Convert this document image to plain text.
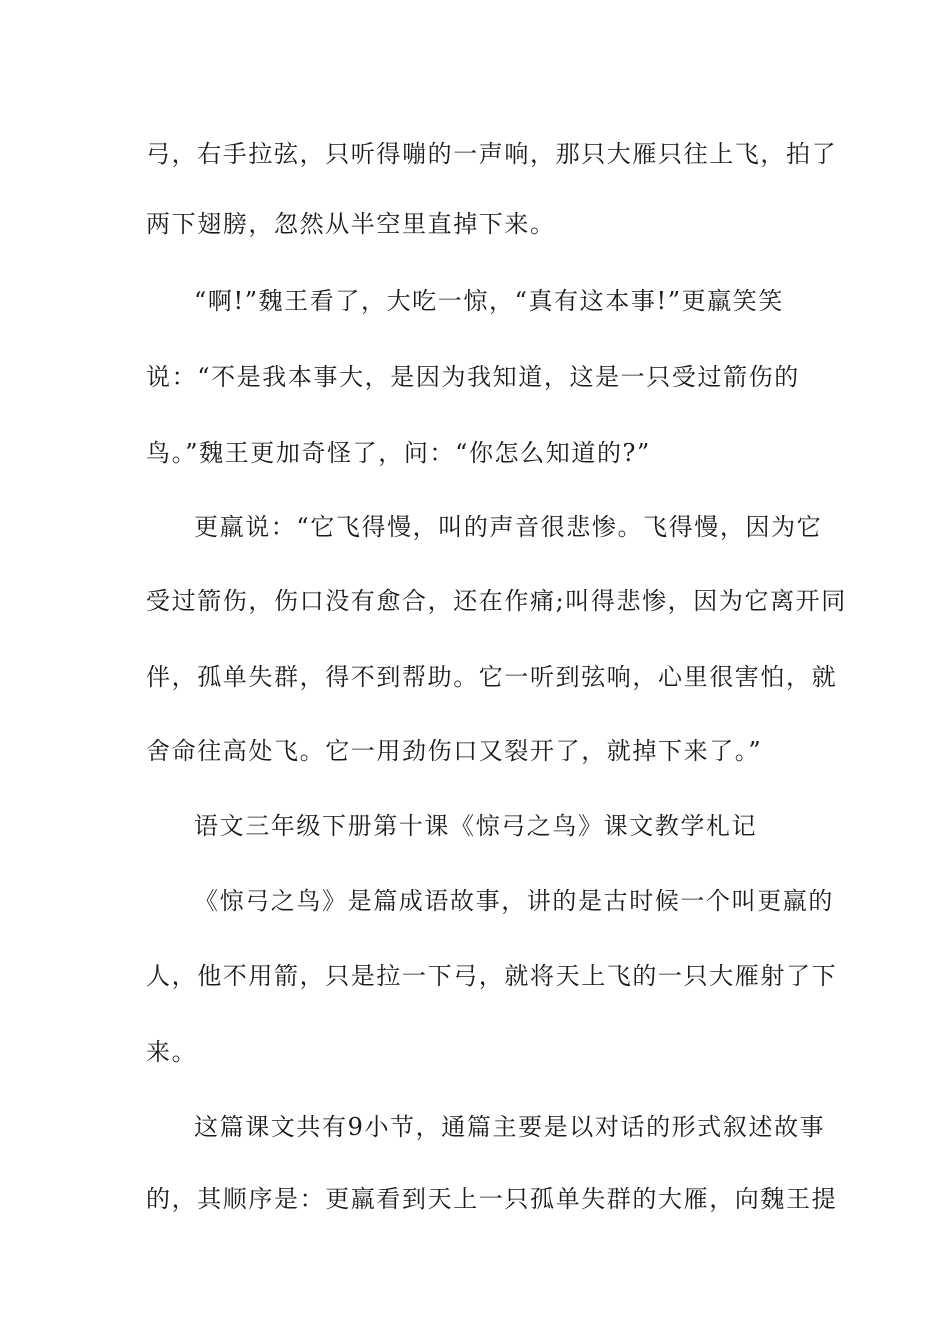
弓，右手拉弦，只听得嘣的一声响，那只大雁只往上飞，拍了
两下翅膀，忽然从半空里直掉下来。
“啊!”魏王看了，大吃一惊，“真有这本事!”更羸笑笑
说：“不是我本事大，是因为我知道，这是一只受过箭伤的
鸟。”魏王更加奇怪了，问：“你怎么知道的?”
更羸说：“它飞得慢，叫的声音很悲惨。飞得慢，因为它
受过箭伤，伤口没有愈合，还在作痛;叫得悲惨，因为它离开同
伴，孤单失群，得不到帮助。它一听到弦响，心里很害怕，就
舍命往高处飞。它一用劲伤口又裂开了，就掉下来了。”
语文三年级下册第十课《惊弓之鸟》课文教学札记
《惊弓之鸟》是篇成语故事，讲的是古时候一个叫更羸的
人，他不用箭，只是拉一下弓，就将天上飞的一只大雁射了下
来。
这篇课文共有9小节，通篇主要是以对话的形式叙述故事
的，其顺序是：更羸看到天上一只孤单失群的大雁，向魏王提
